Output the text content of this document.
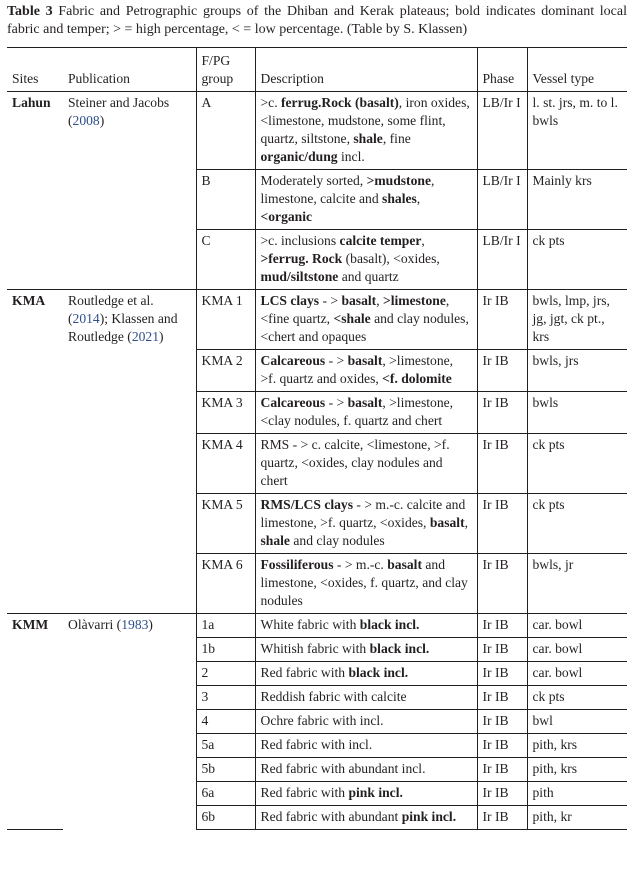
Table 3 Fabric and Petrographic groups of the Dhiban and Kerak plateaus; bold indicates dominant local fabric and temper; > = high percentage, < = low percentage. (Table by S. Klassen)
Sites	Publication	F/PG group	Description	Phase	Vessel type
Lahun	Steiner and Jacobs (2008)	A	>c. ferrug.Rock (basalt), iron oxides, <limestone, mudstone, some flint, quartz, siltstone, shale, fine organic/dung incl.	LB/Ir I	l. st. jrs, m. to l. bwls
		B	Moderately sorted, >mudstone, limestone, calcite and shales, <organic	LB/Ir I	Mainly krs
		C	>c. inclusions calcite temper, >ferrug. Rock (basalt), <oxides, mud/siltstone and quartz	LB/Ir I	ck pts
KMA	Routledge et al. (2014); Klassen and Routledge (2021)	KMA 1	LCS clays - > basalt, >limestone, <fine quartz, <shale and clay nodules, <chert and opaques	Ir IB	bwls, lmp, jrs, jg, jgt, ck pt., krs
		KMA 2	Calcareous - > basalt, >limestone, >f. quartz and oxides, <f. dolomite	Ir IB	bwls, jrs
		KMA 3	Calcareous - > basalt, >limestone, <clay nodules, f. quartz and chert	Ir IB	bwls
		KMA 4	RMS - > c. calcite, <limestone, >f. quartz, <oxides, clay nodules and chert	Ir IB	ck pts
		KMA 5	RMS/LCS clays - > m.-c. calcite and limestone, >f. quartz, <oxides, basalt, shale and clay nodules	Ir IB	ck pts
		KMA 6	Fossiliferous - > m.-c. basalt and limestone, <oxides, f. quartz, and clay nodules	Ir IB	bwls, jr
KMM	Olàvarri (1983)	1a	White fabric with black incl.	Ir IB	car. bowl
		1b	Whitish fabric with black incl.	Ir IB	car. bowl
		2	Red fabric with black incl.	Ir IB	car. bowl
		3	Reddish fabric with calcite	Ir IB	ck pts
		4	Ochre fabric with incl.	Ir IB	bwl
		5a	Red fabric with incl.	Ir IB	pith, krs
		5b	Red fabric with abundant incl.	Ir IB	pith, krs
		6a	Red fabric with pink incl.	Ir IB	pith
		6b	Red fabric with abundant pink incl.	Ir IB	pith, kr
